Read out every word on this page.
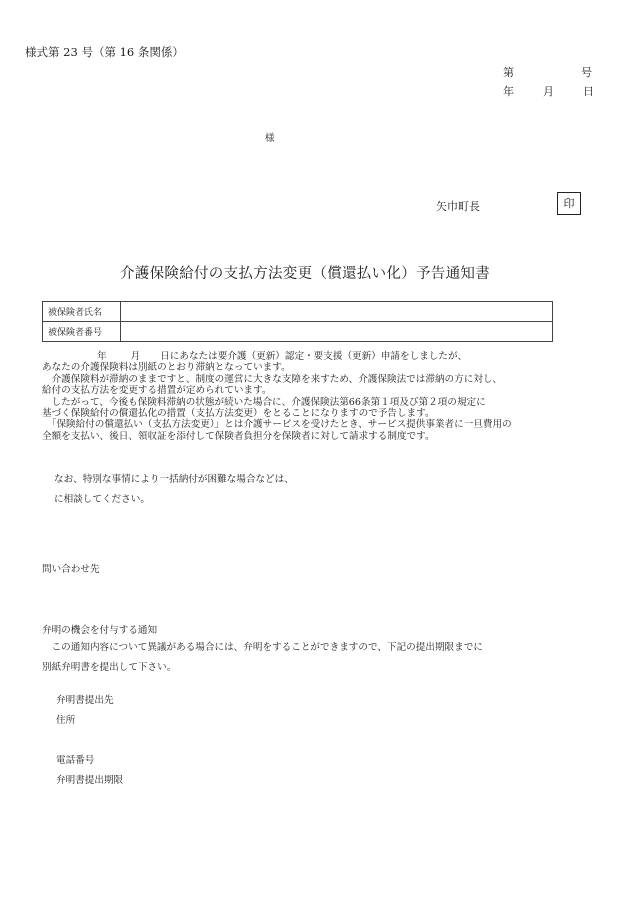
様式第 23 号（第 16 条関係）
第	号
年	月	日
様
矢巾町長	印
介護保険給付の支払方法変更（償還払い化）予告通知書
被保険者氏名	
被保険者番号	
年	月 日にあなたは要介護（更新）認定・要支援（更新）申請をしましたが、
あなたの介護保険料は別紙のとおり滞納となっています。
　介護保険料が滞納のままですと、制度の運営に大きな支障を来すため、介護保険法では滞納の方に対し、
給付の支払方法を変更する措置が定められています。
　したがって、今後も保険料滞納の状態が続いた場合に、介護保険法第66条第１項及び第２項の規定に
基づく保険給付の償還払化の措置（支払方法変更）をとることになりますので予告します。
　「保険給付の償還払い（支払方法変更）」とは介護サービスを受けたとき、サービス提供事業者に一旦費用の
全額を支払い、後日、領収証を添付して保険者負担分を保険者に対して請求する制度です。
なお、特別な事情により一括納付が困難な場合などは、
に相談してください。
問い合わせ先
弁明の機会を付与する通知
　この通知内容について異議がある場合には、弁明をすることができますので、下記の提出期限までに
別紙弁明書を提出して下さい。
弁明書提出先
住所
電話番号
弁明書提出期限
